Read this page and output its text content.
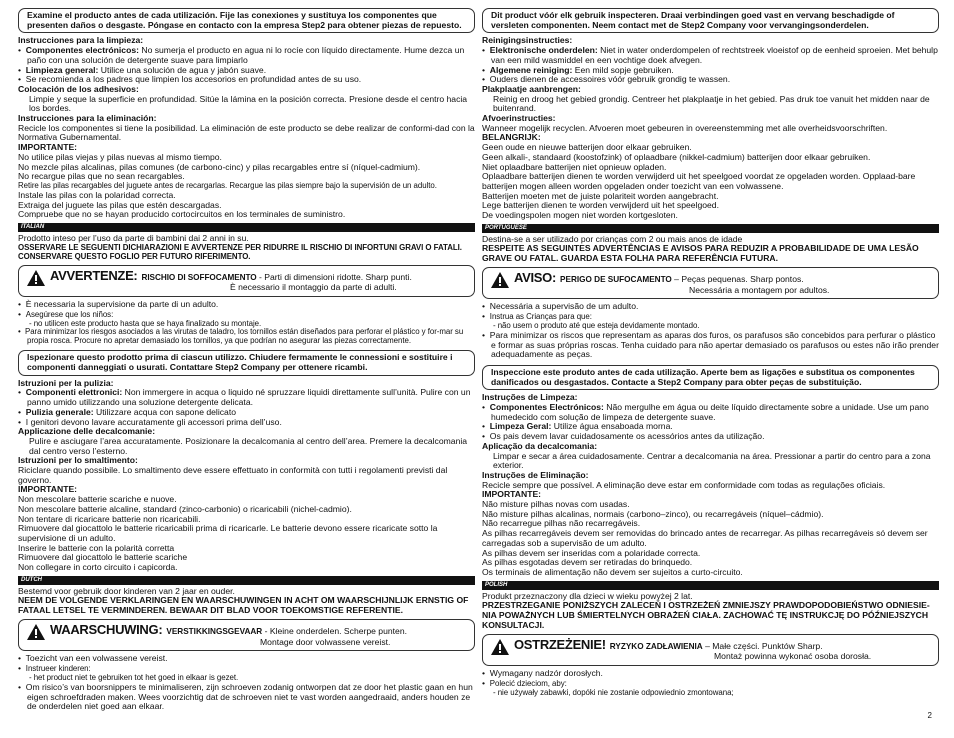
Examine el producto antes de cada utilización. Fije las conexiones y sustituya los componentes que presenten daños o desgaste. Póngase en contacto con la empresa Step2 para obtener piezas de repuesto.

Instrucciones para la limpieza:

•  Componentes electrónicos: No sumerja el producto en agua ni lo rocíe con líquido directamente. Hume dezca un paño con una solución de detergente suave para limpiarlo

•  Limpieza general: Utilice una solución de agua y jabón suave.

•  Se recomienda a los padres que limpien los accesorios en profundidad antes de su uso.

Colocación de los adhesivos:

Limpie y seque la superficie en profundidad. Sitúe la lámina en la posición correcta. Presione desde el centro hacia los bordes.

Instrucciones para la eliminación:

Recicle los componentes si tiene la posibilidad. La eliminación de este producto se debe realizar de conformi-dad con la Normativa Gubernamental.

IMPORTANTE:

No utilice pilas viejas y pilas nuevas al mismo tiempo.

No mezcle pilas alcalinas, pilas comunes (de carbono-cinc) y pilas recargables entre sí (níquel-cadmium).

No recargue pilas que no sean recargables.

Retire las pilas recargables del juguete antes de recargarlas. Recargue las pilas siempre bajo la supervisión de un adulto.

Instale las pilas con la polaridad correcta.

Extraiga del juguete las pilas que estén descargadas.

Compruebe que no se hayan producido cortocircuitos en los terminales de suministro.

ITALIAN

Prodotto inteso per l’uso da parte di bambini dai 2 anni in su.

OSSERVARE LE SEGUENTI DICHIARAZIONI E AVVERTENZE PER RIDURRE IL RISCHIO DI INFORTUNI GRAVI O FATALI. CONSERVARE QUESTO FOGLIO PER FUTURO RIFERIMENTO.

AVVERTENZE: RISCHIO DI SOFFOCAMENTO - Parti di dimensioni ridotte. Sharp punti.
È necessario il montaggio da parte di adulti.

•  È necessaria la supervisione da parte di un adulto.

•  Asegúrese que los niños:

- no utilicen este producto hasta que se haya finalizado su montaje.

•  Para minimizar los riesgos asociados a las virutas de taladro, los tornillos están diseñados para perforar el plástico y for-mar su propia rosca. Procure no apretar demasiado los tornillos, ya que podrían no asegurar las piezas correctamente.

Ispezionare questo prodotto prima di ciascun utilizzo. Chiudere fermamente le connessioni e sostituire i componenti danneggiati o usurati. Contattare Step2 Company per ottenere ricambi.

Istruzioni per la pulizia:

•  Componenti elettronici: Non immergere in acqua o liquido né spruzzare liquidi direttamente sull’unità. Pulire con un panno umido utilizzando una soluzione detergente delicata.

•  Pulizia generale: Utilizzare acqua con sapone delicato

•  I genitori devono lavare accuratamente gli accessori prima dell’uso.

Applicazione delle decalcomanie:

Pulire e asciugare l’area accuratamente. Posizionare la decalcomania al centro dell’area. Premere la decalcomania dal centro verso l’esterno.

Istruzioni per lo smaltimento:

Riciclare quando possibile. Lo smaltimento deve essere effettuato in conformità con tutti i regolamenti previsti dal governo.

IMPORTANTE:

Non mescolare batterie scariche e nuove.

Non mescolare batterie alcaline, standard (zinco-carbonio) o ricaricabili (nichel-cadmio).

Non tentare di ricaricare batterie non ricaricabili.

Rimuovere dal giocattolo le batterie ricaricabili prima di ricaricarle. Le batterie devono essere ricaricate sotto la supervisione di un adulto.

Inserire le batterie con la polarità corretta

Rimuovere dal giocattolo le batterie scariche

Non collegare in corto circuito i capicorda.

DUTCH

Bestemd voor gebruik door kinderen van 2 jaar en ouder.

NEEM DE VOLGENDE VERKLARINGEN EN WAARSCHUWINGEN IN ACHT OM WAARSCHIJNLIJK ERNSTIG OF FATAAL LETSEL TE VERMINDEREN. BEWAAR DIT BLAD VOOR TOEKOMSTIGE REFERENTIE.

WAARSCHUWING: VERSTIKKINGSGEVAAR - Kleine onderdelen. Scherpe punten.
Montage door volwassene vereist.

•  Toezicht van een volwassene vereist.

•  Instrueer kinderen:

- het product niet te gebruiken tot het goed in elkaar is gezet.

•  Om risico’s van boorsnippers te minimaliseren, zijn schroeven zodanig ontworpen dat ze door het plastic gaan en hun eigen schroefdraden maken. Wees voorzichtig dat de schroeven niet te vast worden aangedraaid, anders houden ze de onderdelen niet goed aan elkaar.

Dit product vóór elk gebruik inspecteren. Draai verbindingen goed vast en vervang beschadigde of versleten componenten. Neem contact met de Step2 Company voor vervangingsonderdelen.

Reinigingsinstructies:

•  Elektronische onderdelen: Niet in water onderdompelen of rechtstreek vloeistof op de eenheid sproeien. Met behulp van een mild wasmiddel en een vochtige doek afvegen.

•  Algemene reiniging: Een mild sopje gebruiken.

•  Ouders dienen de accessoires vóór gebruik grondig te wassen.

Plakplaatje aanbrengen:

Reinig en droog het gebied grondig. Centreer het plakplaatje in het gebied. Pas druk toe vanuit het midden naar de buitenrand.

Afvoerinstructies:

Wanneer mogelijk recyclen. Afvoeren moet gebeuren in overeenstemming met alle overheidsvoorschriften.

BELANGRIJK:

Geen oude en nieuwe batterijen door elkaar gebruiken.

Geen alkali-, standaard (koostofzink) of oplaadbare (nikkel-cadmium) batterijen door elkaar gebruiken.

Niet oplaadbare batterijen niet opnieuw opladen.

Oplaadbare batterijen dienen te worden verwijderd uit het speelgoed voordat ze opgeladen worden. Opplaad-bare batterijen mogen alleen worden opgeladen onder toezicht van een volwassene.

Batterijen moeten met de juiste polariteit worden aangebracht.

Lege batterijen dienen te worden verwijderd uit het speelgoed.

De voedingspolen mogen niet worden kortgesloten.

PORTUGUESE

Destina-se a ser utilizado por crianças com 2 ou mais anos de idade

RESPEITE AS SEGUINTES ADVERTÊNCIAS E AVISOS PARA REDUZIR A PROBABILIDADE DE UMA LESÃO GRAVE OU FATAL. GUARDA ESTA FOLHA PARA REFERÊNCIA FUTURA.

AVISO: PERIGO DE SUFOCAMENTO – Peças pequenas. Sharp pontos.
Necessária a montagem por adultos.

•  Necessária a supervisão de um adulto.

•  Instrua as Crianças para que:

- não usem o produto até que esteja devidamente montado.

•  Para minimizar os riscos que representam as aparas dos furos, os parafusos são concebidos para perfurar o plástico e formar as suas próprias roscas. Tenha cuidado para não apertar demasiado os parafusos ou estes não irão prender adequadamente as peças.

Inspeccione este produto antes de cada utilização. Aperte bem as ligações e substitua os componentes danificados ou desgastados. Contacte a Step2 Company para obter peças de substituição.

Instruções de Limpeza:

•  Componentes Electrónicos: Não mergulhe em água ou deite líquido directamente sobre a unidade. Use um pano humedecido com solução de limpeza de detergente suave.

•  Limpeza Geral: Utilize água ensaboada morna.

•  Os pais devem lavar cuidadosamente os acessórios antes da utilização.

Aplicação da decalcomania:

Limpar e secar a área cuidadosamente. Centrar a decalcomania na área. Pressionar a partir do centro para a zona exterior.

Instruções de Eliminação:

Recicle sempre que possível. A eliminação deve estar em conformidade com todas as regulações oficiais.

IMPORTANTE:

Não misture pilhas novas com usadas.

Não misture pilhas alcalinas, normais (carbono–zinco), ou recarregáveis (níquel–cádmio).

Não recarregue pilhas não recarregáveis.

As pilhas recarregáveis devem ser removidas do brincado antes de recarregar. As pilhas recarregáveis só devem ser carregadas sob a supervisão de um adulto.

As pilhas devem ser inseridas com a polaridade correcta.

As pilhas esgotadas devem ser retiradas do brinquedo.

Os terminais de alimentação não devem ser sujeitos a curto-circuito.

POLISH

Produkt przeznaczony dla dzieci w wieku powyżej 2 lat.

PRZESTRZEGANIE PONIŻSZYCH ZALECEŃ I OSTRZEŻEŃ ZMNIEJSZY PRAWDOPODOBIEŃSTWO ODNIESIE-NIA POWAŻNYCH LUB ŚMIERTELNYCH OBRAŻEŃ CIAŁA. ZACHOWAĆ TĘ INSTRUKCJĘ DO PÓŹNIEJSZYCH KONSULTACJI.

OSTRZEŻENIE! RYZYKO ZADŁAWIENIA – Małe części. Punktów Sharp.
Montaż powinna wykonać osoba dorosła.

•  Wymagany nadzór dorosłych.

•  Polecić dzieciom, aby:

- nie używały zabawki, dopóki nie zostanie odpowiednio zmontowana;

2
